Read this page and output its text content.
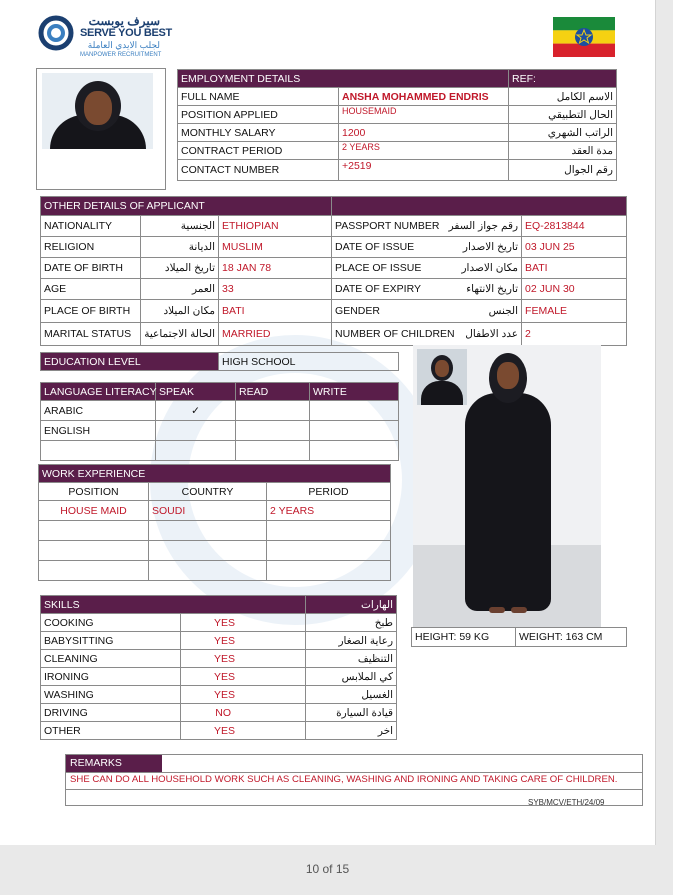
سيرف يوبست
SERVE YOU BEST
لجلب الايدي العاملة
MANPOWER RECRUITMENT
EMPLOYMENT DETAILS		REF:
FULL NAME	ANSHA MOHAMMED ENDRIS	الاسم الكامل
POSITION APPLIED	HOUSEMAID	الحال التطبيقي
MONTHLY SALARY	1200	الراتب الشهري
CONTRACT PERIOD	2 YEARS	مدة العقد
CONTACT NUMBER	+2519	رقم الجوال
OTHER DETAILS OF APPLICANT					
NATIONALITY	الجنسية	ETHIOPIAN	PASSPORT NUMBER	رقم جواز السفر	EQ-2813844
RELIGION	الديانة	MUSLIM	DATE OF ISSUE	تاريخ الاصدار	03 JUN 25
DATE OF BIRTH	تاريخ الميلاد	18 JAN 78	PLACE OF ISSUE	مكان الاصدار	BATI
AGE	العمر	33	DATE OF EXPIRY	تاريخ الانتهاء	02 JUN 30
PLACE OF BIRTH	مكان الميلاد	BATI	GENDER	الجنس	FEMALE
MARITAL STATUS	الحالة الاجتماعية	MARRIED	NUMBER OF CHILDREN	عدد الاطفال	2
EDUCATION LEVEL	HIGH SCHOOL
LANGUAGE LITERACY	SPEAK	READ	WRITE
ARABIC	✓		
ENGLISH			

WORK EXPERIENCE		
POSITION	COUNTRY	PERIOD
HOUSE MAID	SOUDI	2 YEARS

SKILLS		الهارات
COOKING	YES	طبخ
BABYSITTING	YES	رعاية الصغار
CLEANING	YES	التنظيف
IRONING	YES	كي الملابس
WASHING	YES	الغسيل
DRIVING	NO	قيادة السيارة
OTHER	YES	اخر
HEIGHT: 59 KG	WEIGHT: 163 CM
REMARKS
SHE CAN DO ALL HOUSEHOLD WORK SUCH AS CLEANING, WASHING AND IRONING AND TAKING CARE OF CHILDREN.
SYB/MCV/ETH/24/09
10 of 15
